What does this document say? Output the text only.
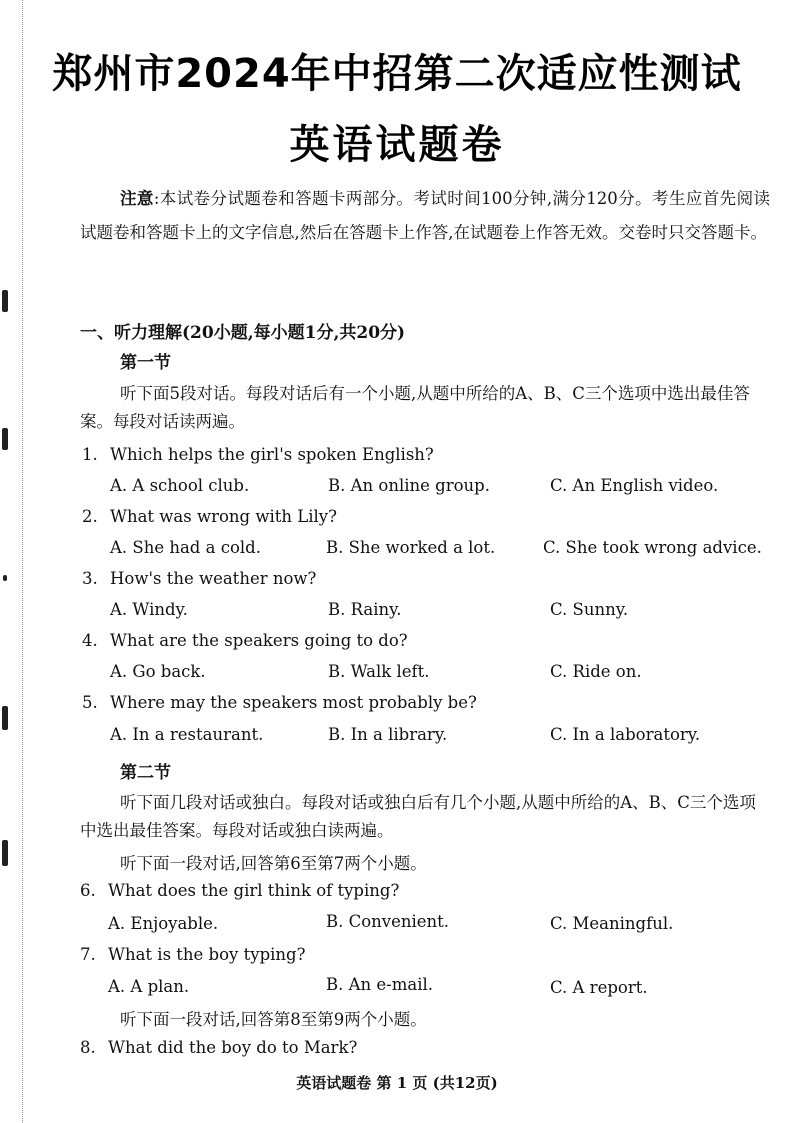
郑州市2024年中招第二次适应性测试
英语试题卷

注意:本试卷分试题卷和答题卡两部分。考试时间100分钟,满分120分。考生应首先阅读试题卷和答题卡上的文字信息,然后在答题卡上作答,在试题卷上作答无效。交卷时只交答题卡。

一、听力理解(20小题,每小题1分,共20分)
第一节

听下面5段对话。每段对话后有一个小题,从题中所给的A、B、C三个选项中选出最佳答案。每段对话读两遍。

1. Which helps the girl's spoken English?
A. A school club.	B. An online group.	C. An English video.
2. What was wrong with Lily?
A. She had a cold.	B. She worked a lot.	C. She took wrong advice.
3. How's the weather now?
A. Windy.	B. Rainy.	C. Sunny.
4. What are the speakers going to do?
A. Go back.	B. Walk left.	C. Ride on.
5. Where may the speakers most probably be?
A. In a restaurant.	B. In a library.	C. In a laboratory.
第二节

听下面几段对话或独白。每段对话或独白后有几个小题,从题中所给的A、B、C三个选项中选出最佳答案。每段对话或独白读两遍。

听下面一段对话,回答第6至第7两个小题。
6. What does the girl think of typing?
A. Enjoyable.	B. Convenient.	C. Meaningful.
7. What is the boy typing?
A. A plan.	B. An e-mail.	C. A report.
听下面一段对话,回答第8至第9两个小题。
8. What did the boy do to Mark?
英语试题卷 第 1 页 (共12页)
